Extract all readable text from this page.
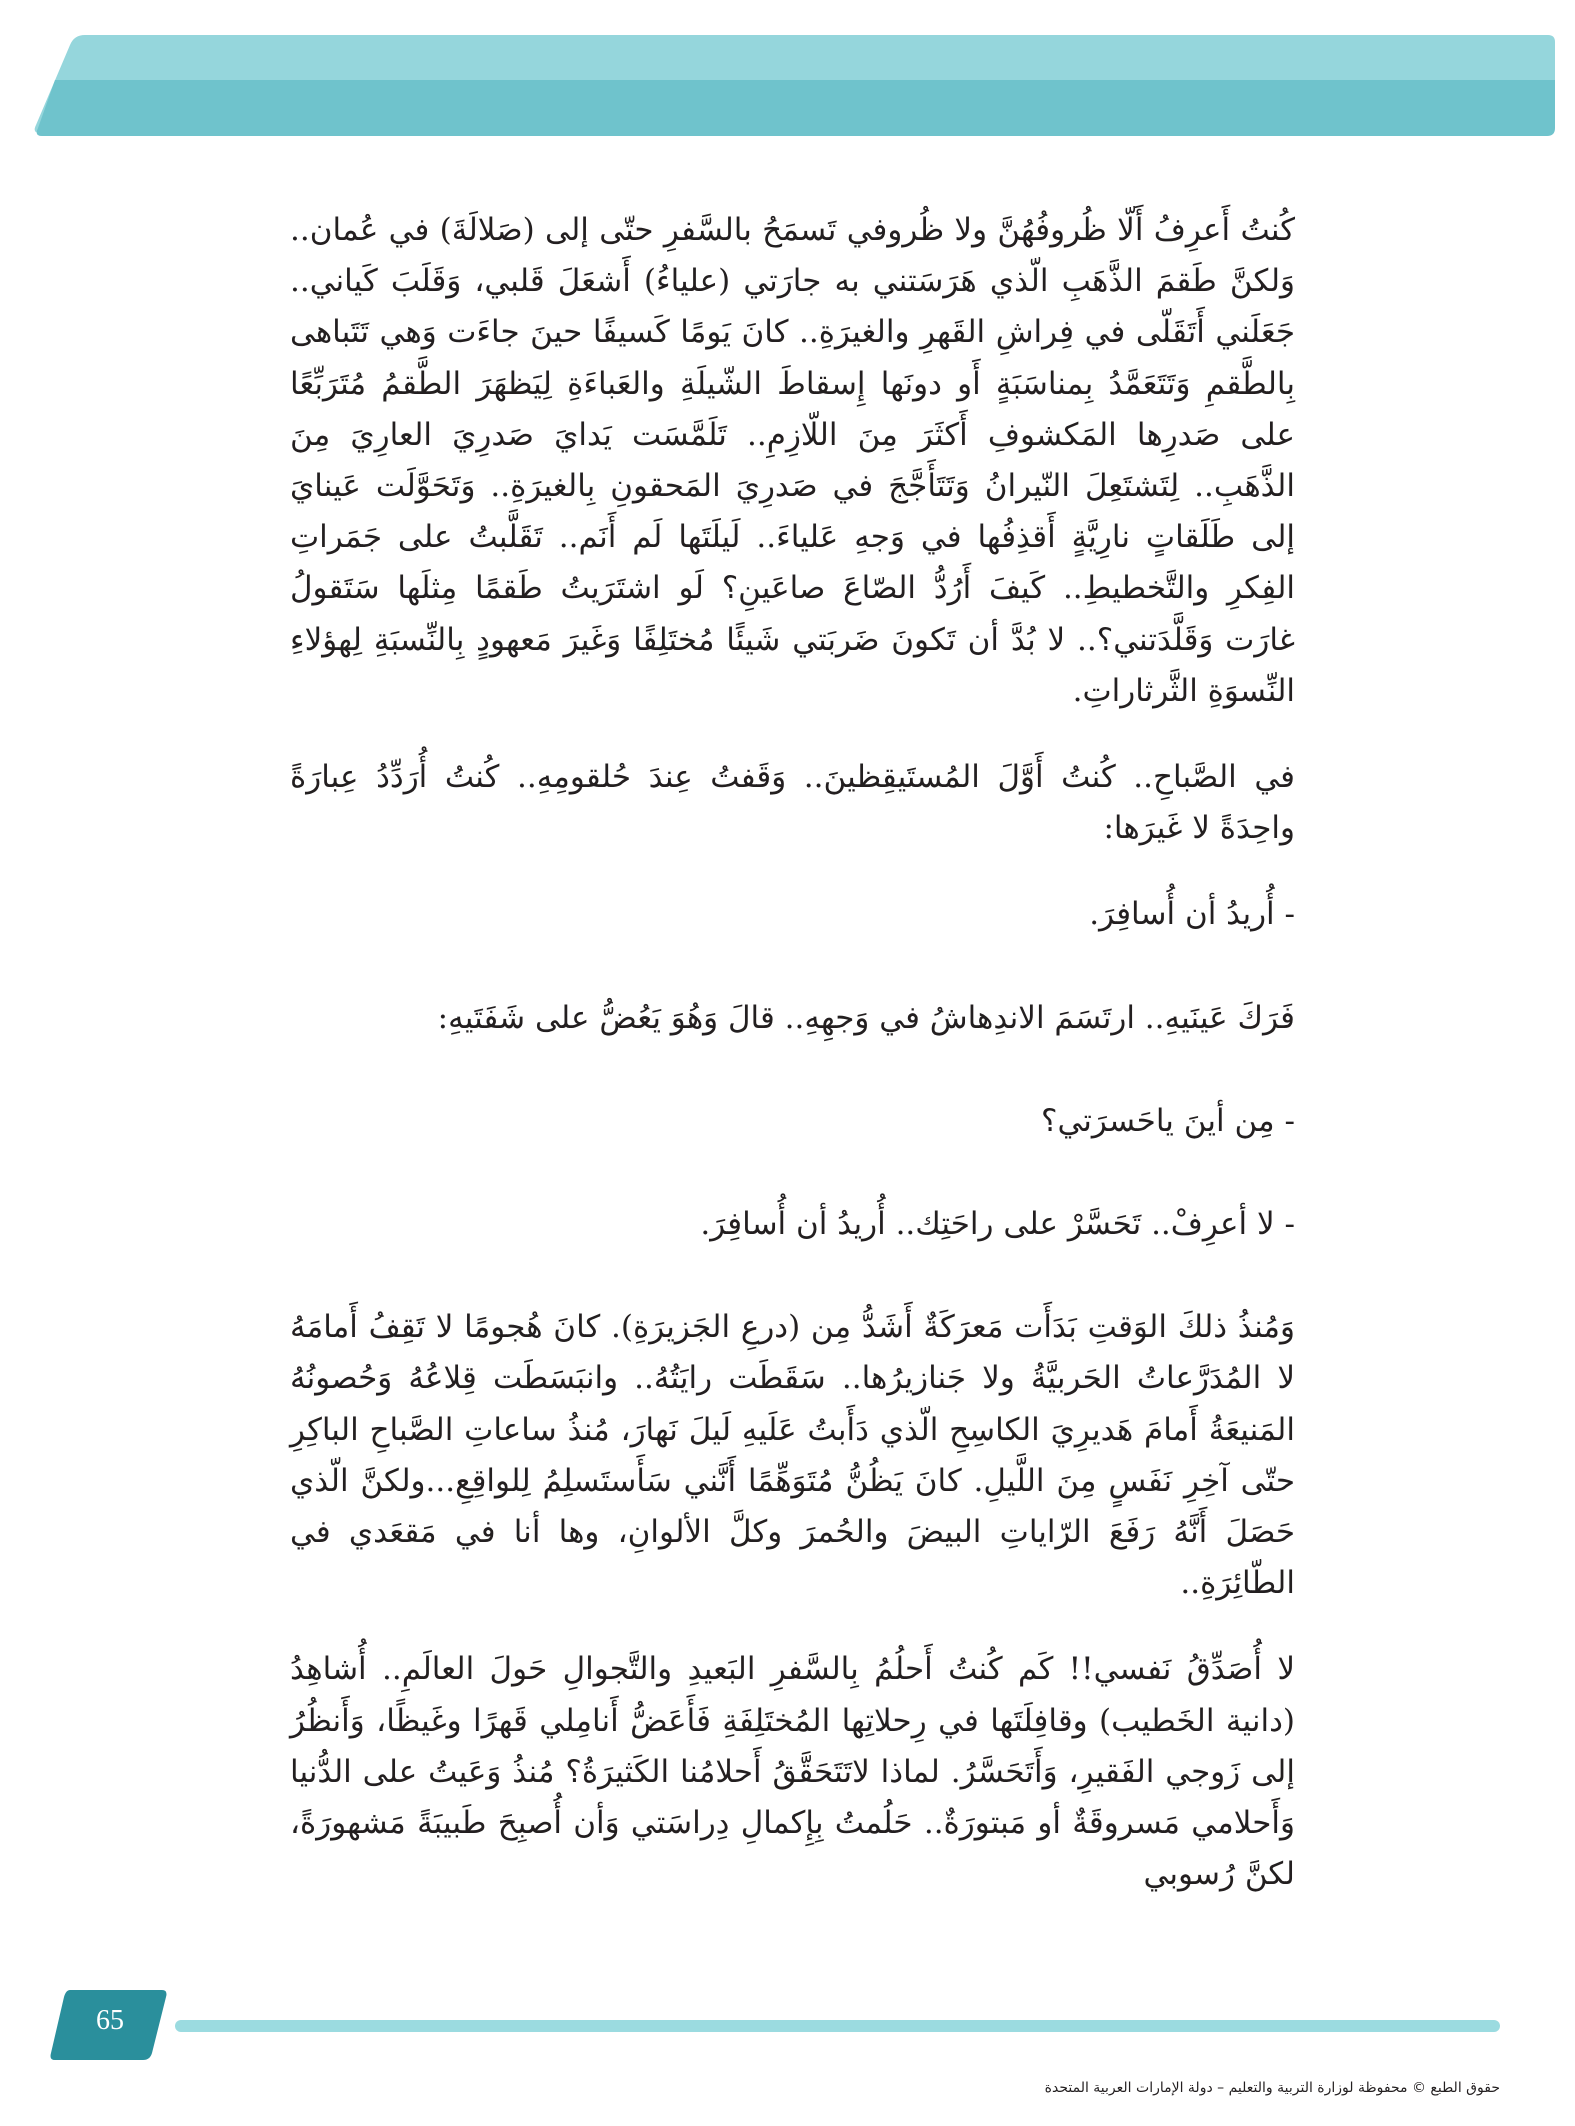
كُنتُ أَعرِفُ أَلّا ظُروفُهُنَّ ولا ظُروفي تَسمَحُ بالسَّفرِ حتّى إلى (صَلالَةَ) في عُمان.. وَلكنَّ طَقمَ الذَّهَبِ الّذي هَرَسَتني به جارَتي (علياءُ) أَشعَلَ قَلبي، وَقَلَبَ كَياني.. جَعَلَني أَتَقَلّى في فِراشِ القَهرِ والغيرَةِ.. كانَ يَومًا كَسيفًا حينَ جاءَت وَهي تَتَباهى بِالطَّقمِ وَتَتَعَمَّدُ بِمناسَبَةٍ أَو دونَها إِسقاطَ الشّيلَةِ والعَباءَةِ لِيَظهَرَ الطَّقمُ مُتَرَبِّعًا على صَدرِها المَكشوفِ أَكثَرَ مِنَ اللّازِمِ.. تَلَمَّسَت يَدايَ صَدرِيَ العارِيَ مِنَ الذَّهَبِ.. لِتَشتَعِلَ النّيرانُ وَتَتَأَجَّجَ في صَدرِيَ المَحقونِ بِالغيرَةِ.. وَتَحَوَّلَت عَينايَ إلى طَلَقاتٍ نارِيَّةٍ أَقذِفُها في وَجهِ عَلياءَ.. لَيلَتَها لَم أَنَم.. تَقَلَّبتُ على جَمَراتِ الفِكرِ والتَّخطيطِ.. كَيفَ أَرُدُّ الصّاعَ صاعَينِ؟ لَو اشتَرَيتُ طَقمًا مِثلَها سَتَقولُ غارَت وَقَلَّدَتني؟.. لا بُدَّ أن تَكونَ ضَربَتي شَيئًا مُختَلِفًا وَغَيرَ مَعهودٍ بِالنِّسبَةِ لِهؤلاءِ النِّسوَةِ الثَّرثاراتِ.

في الصَّباحِ.. كُنتُ أَوَّلَ المُستَيقِظينَ.. وَقَفتُ عِندَ حُلقومِهِ.. كُنتُ أُرَدِّدُ عِبارَةً واحِدَةً لا غَيرَها:

- أُريدُ أن أُسافِرَ.

فَرَكَ عَينَيهِ.. ارتَسَمَ الاندِهاشُ في وَجهِهِ.. قالَ وَهُوَ يَعُضُّ على شَفَتَيهِ:

- مِن أينَ ياحَسرَتي؟

- لا أعرِفْ.. تَحَسَّرْ على راحَتِك.. أُريدُ أن أُسافِرَ.

وَمُنذُ ذلكَ الوَقتِ بَدَأَت مَعرَكَةٌ أَشَدُّ مِن (درعِ الجَزيرَةِ). كانَ هُجومًا لا تَقِفُ أَمامَهُ لا المُدَرَّعاتُ الحَربيَّةُ ولا جَنازيرُها.. سَقَطَت رايَتُهُ.. وانبَسَطَت قِلاعُهُ وَحُصونُهُ المَنيعَةُ أَمامَ هَديرِيَ الكاسِحِ الّذي دَأَبتُ عَلَيهِ لَيلَ نَهارَ، مُنذُ ساعاتِ الصَّباحِ الباكِرِ حتّى آخِرِ نَفَسٍ مِنَ اللَّيلِ. كانَ يَظُنُّ مُتَوَهِّمًا أَنَّني سَأَستَسلِمُ لِلواقِعِ...ولكنَّ الّذي حَصَلَ أَنَّهُ رَفَعَ الرّاياتِ البيضَ والحُمرَ وكلَّ الألوانِ، وها أنا في مَقعَدي في الطّائِرَةِ..

لا أُصَدِّقُ نَفسي!! كَم كُنتُ أَحلُمُ بِالسَّفرِ البَعيدِ والتَّجوالِ حَولَ العالَمِ.. أُشاهِدُ (دانية الخَطيب) وقافِلَتَها في رِحلاتِها المُختَلِفَةِ فَأَعَضُّ أَنامِلي قَهرًا وغَيظًا، وَأَنظُرُ إلى زَوجي الفَقيرِ، وَأَتَحَسَّرُ. لماذا لاتَتَحَقَّقُ أَحلامُنا الكَثيرَةُ؟ مُنذُ وَعَيتُ على الدُّنيا وَأَحلامي مَسروقَةٌ أو مَبتورَةٌ.. حَلُمتُ بِإِكمالِ دِراسَتي وَأن أُصبِحَ طَبيبَةً مَشهورَةً، لكنَّ رُسوبي

65
حقوق الطبع © محفوظة لوزارة التربية والتعليم – دولة الإمارات العربية المتحدة
